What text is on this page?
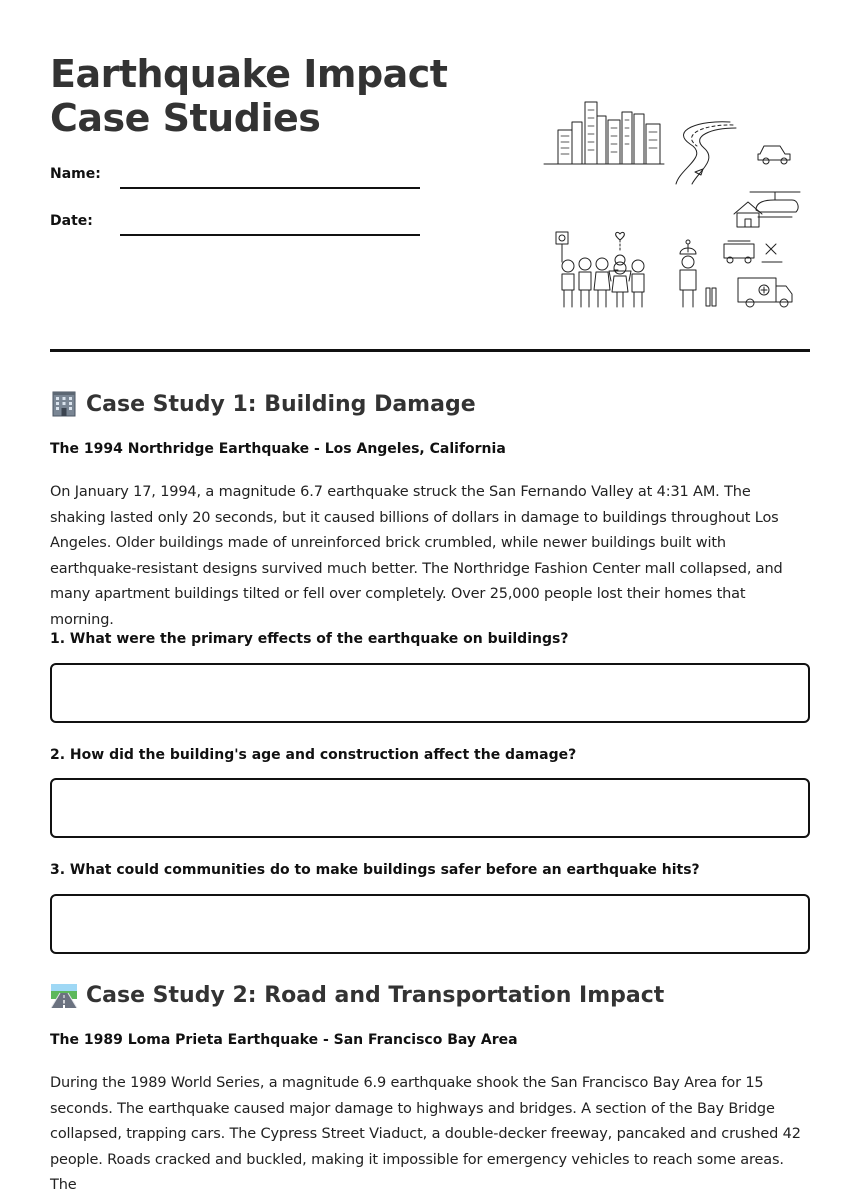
Earthquake Impact Case Studies
Name:
Date:
Case Study 1: Building Damage
The 1994 Northridge Earthquake - Los Angeles, California

On January 17, 1994, a magnitude 6.7 earthquake struck the San Fernando Valley at 4:31 AM. The shaking lasted only 20 seconds, but it caused billions of dollars in damage to buildings throughout Los Angeles. Older buildings made of unreinforced brick crumbled, while newer buildings built with earthquake-resistant designs survived much better. The Northridge Fashion Center mall collapsed, and many apartment buildings tilted or fell over completely. Over 25,000 people lost their homes that morning.

1. What were the primary effects of the earthquake on buildings?
2. How did the building's age and construction affect the damage?
3. What could communities do to make buildings safer before an earthquake hits?
Case Study 2: Road and Transportation Impact
The 1989 Loma Prieta Earthquake - San Francisco Bay Area

During the 1989 World Series, a magnitude 6.9 earthquake shook the San Francisco Bay Area for 15 seconds. The earthquake caused major damage to highways and bridges. A section of the Bay Bridge collapsed, trapping cars. The Cypress Street Viaduct, a double-decker freeway, pancaked and crushed 42 people. Roads cracked and buckled, making it impossible for emergency vehicles to reach some areas. The
